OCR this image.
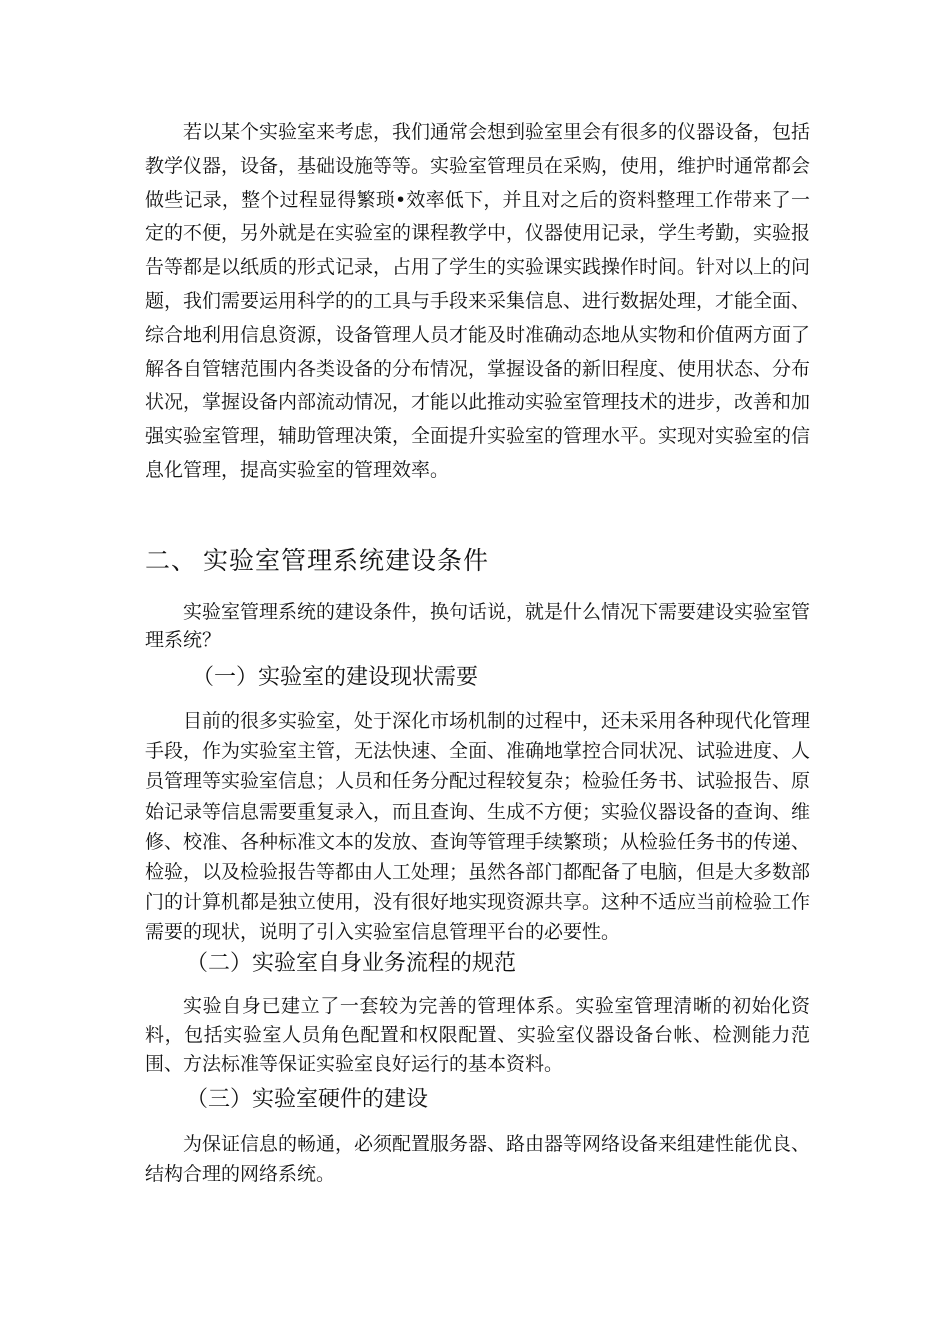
若以某个实验室来考虑，我们通常会想到验室里会有很多的仪器设备，包括教学仪器，设备，基础设施等等。实验室管理员在采购，使用，维护时通常都会做些记录，整个过程显得繁琐•效率低下，并且对之后的资料整理工作带来了一定的不便，另外就是在实验室的课程教学中，仪器使用记录，学生考勤，实验报告等都是以纸质的形式记录，占用了学生的实验课实践操作时间。针对以上的问题，我们需要运用科学的的工具与手段来采集信息、进行数据处理，才能全面、综合地利用信息资源，设备管理人员才能及时准确动态地从实物和价值两方面了解各自管辖范围内各类设备的分布情况，掌握设备的新旧程度、使用状态、分布状况，掌握设备内部流动情况，才能以此推动实验室管理技术的进步，改善和加强实验室管理，辅助管理决策，全面提升实验室的管理水平。实现对实验室的信息化管理，提高实验室的管理效率。

二、 实验室管理系统建设条件

实验室管理系统的建设条件，换句话说，就是什么情况下需要建设实验室管理系统？

（一）实验室的建设现状需要

目前的很多实验室，处于深化市场机制的过程中，还未采用各种现代化管理手段，作为实验室主管，无法快速、全面、准确地掌控合同状况、试验进度、人员管理等实验室信息；人员和任务分配过程较复杂；检验任务书、试验报告、原始记录等信息需要重复录入，而且查询、生成不方便；实验仪器设备的查询、维修、校准、各种标准文本的发放、查询等管理手续繁琐；从检验任务书的传递、检验，以及检验报告等都由人工处理；虽然各部门都配备了电脑，但是大多数部门的计算机都是独立使用，没有很好地实现资源共享。这种不适应当前检验工作需要的现状，说明了引入实验室信息管理平台的必要性。

（二）实验室自身业务流程的规范

实验自身已建立了一套较为完善的管理体系。实验室管理清晰的初始化资料，包括实验室人员角色配置和权限配置、实验室仪器设备台帐、检测能力范围、方法标准等保证实验室良好运行的基本资料。

（三）实验室硬件的建设

为保证信息的畅通，必须配置服务器、路由器等网络设备来组建性能优良、结构合理的网络系统。
